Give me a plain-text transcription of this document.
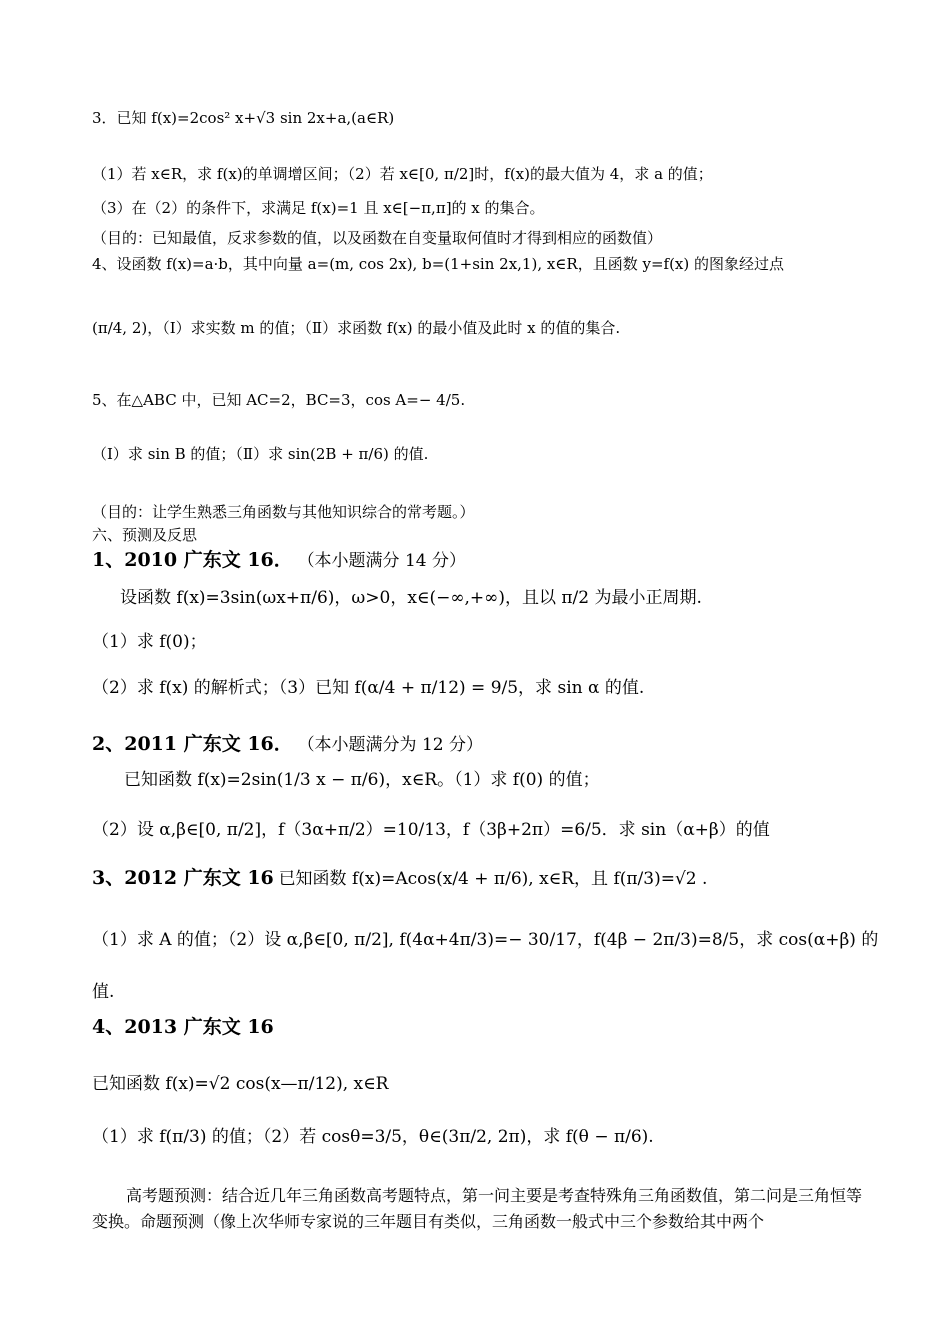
3．已知 f(x)=2cos² x+√3 sin 2x+a,(a∈R)
（1）若 x∈R，求 f(x)的单调增区间；（2）若 x∈[0, π/2]时，f(x)的最大值为 4，求 a 的值；
（3）在（2）的条件下，求满足 f(x)=1 且 x∈[−π,π]的 x 的集合。
（目的：已知最值，反求参数的值，以及函数在自变量取何值时才得到相应的函数值）
4、设函数 f(x)=a·b，其中向量 a=(m, cos 2x), b=(1+sin 2x,1), x∈R，且函数 y=f(x) 的图象经过点
(π/4, 2)，（Ⅰ）求实数 m 的值；（Ⅱ）求函数 f(x) 的最小值及此时 x 的值的集合.
5、在△ABC 中，已知 AC=2，BC=3，cos A=− 4/5.
（Ⅰ）求 sin B 的值；（Ⅱ）求 sin(2B + π/6) 的值.
（目的：让学生熟悉三角函数与其他知识综合的常考题。）
六、预测及反思
1、2010 广东文 16． （本小题满分 14 分）
设函数 f(x)=3sin(ωx+π/6)，ω>0，x∈(−∞,+∞)，且以 π/2 为最小正周期.
（1）求 f(0)；
（2）求 f(x) 的解析式；（3）已知 f(α/4 + π/12) = 9/5，求 sin α 的值.
2、2011 广东文 16． （本小题满分为 12 分）
已知函数 f(x)=2sin(1/3 x − π/6)，x∈R。（1）求 f(0) 的值；
（2）设 α,β∈[0, π/2]，f（3α+π/2）=10/13，f（3β+2π）=6/5．求 sin（α+β）的值
3、2012 广东文 16 已知函数 f(x)=Acos(x/4 + π/6), x∈R，且 f(π/3)=√2 .
（1）求 A 的值；（2）设 α,β∈[0, π/2], f(4α+4π/3)=− 30/17，f(4β − 2π/3)=8/5，求 cos(α+β) 的
值.
4、2013 广东文 16
已知函数 f(x)=√2 cos(x—π/12), x∈R
（1）求 f(π/3) 的值；（2）若 cosθ=3/5，θ∈(3π/2, 2π)，求 f(θ − π/6).
高考题预测：结合近几年三角函数高考题特点，第一问主要是考查特殊角三角函数值，第二问是三角恒等变换。命题预测（像上次华师专家说的三年题目有类似，三角函数一般式中三个参数给其中两个
